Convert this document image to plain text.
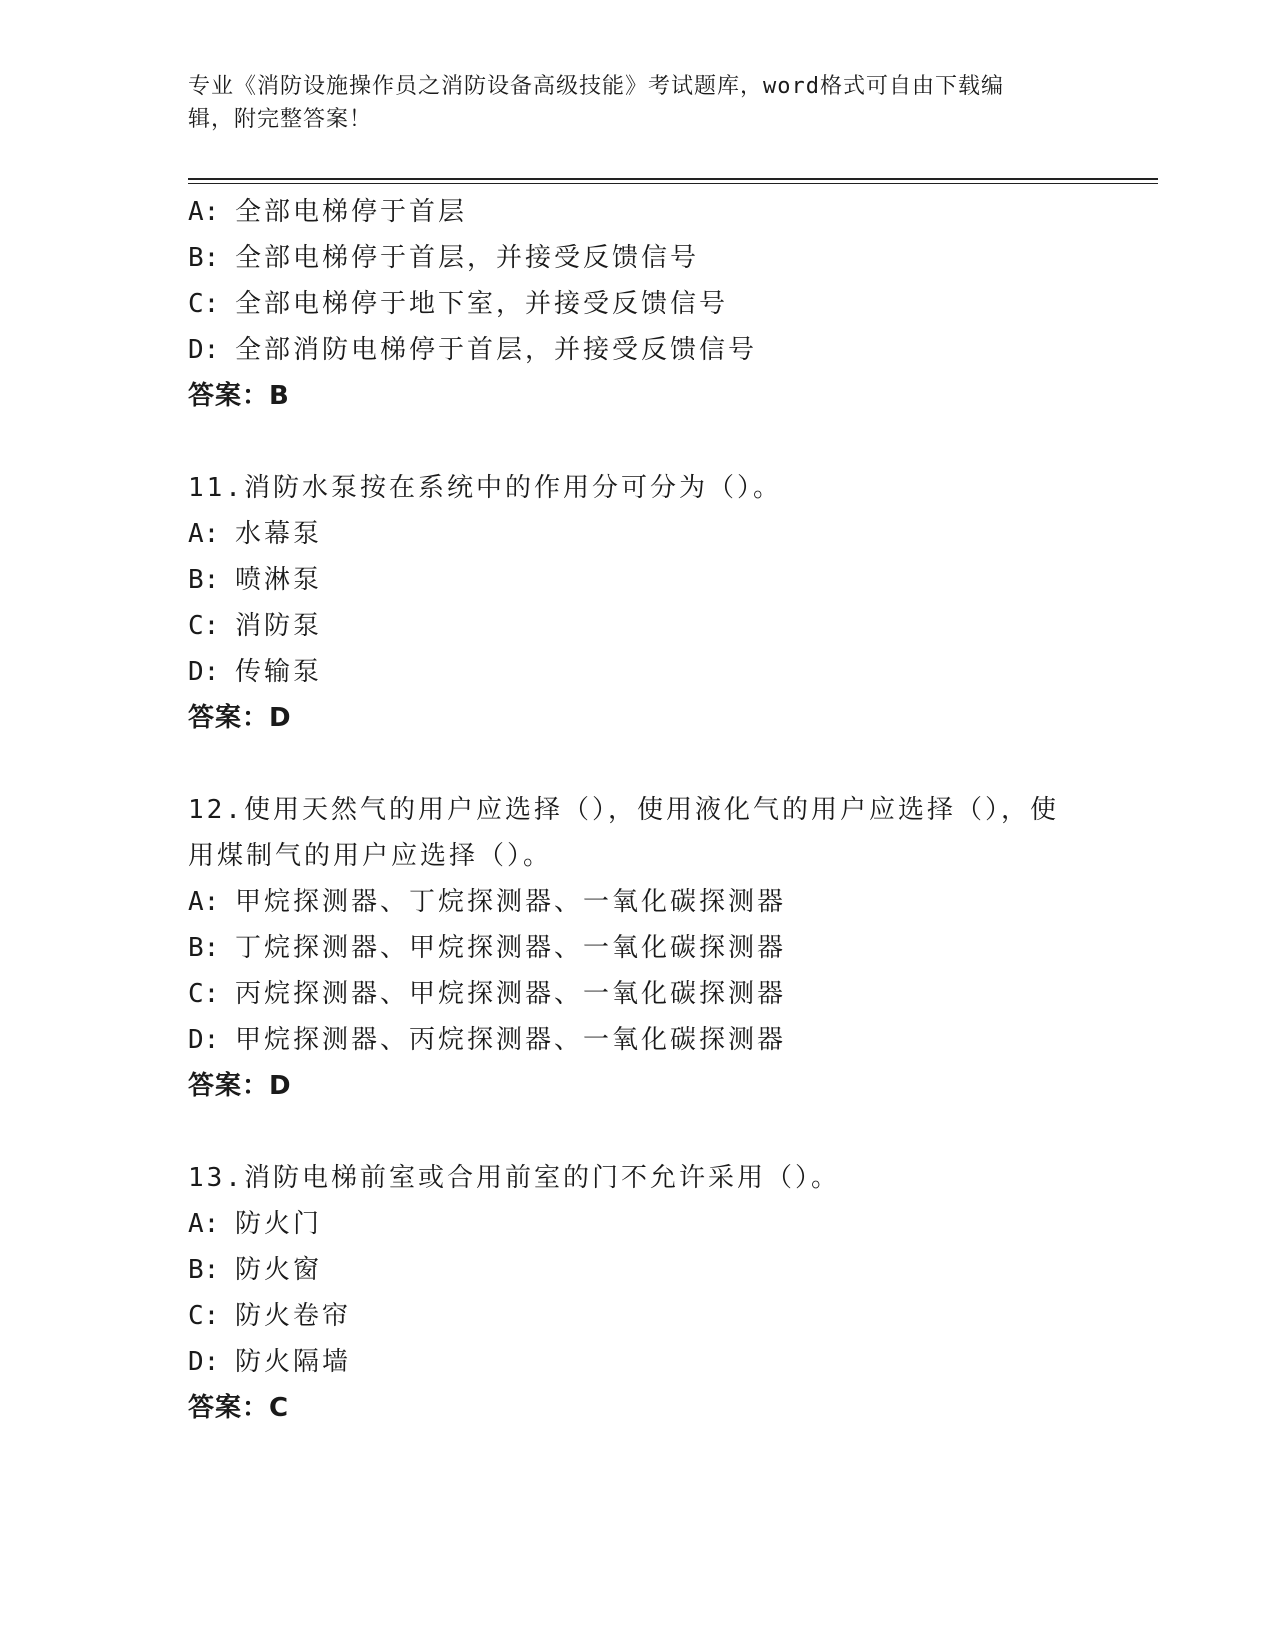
专业《消防设施操作员之消防设备高级技能》考试题库，word格式可自由下载编
辑，附完整答案！
A: 全部电梯停于首层
B: 全部电梯停于首层，并接受反馈信号
C: 全部电梯停于地下室，并接受反馈信号
D: 全部消防电梯停于首层，并接受反馈信号
答案：B
11.消防水泵按在系统中的作用分可分为（）。
A: 水幕泵
B: 喷淋泵
C: 消防泵
D: 传输泵
答案：D
12.使用天然气的用户应选择（），使用液化气的用户应选择（），使
用煤制气的用户应选择（）。
A: 甲烷探测器、丁烷探测器、一氧化碳探测器
B: 丁烷探测器、甲烷探测器、一氧化碳探测器
C: 丙烷探测器、甲烷探测器、一氧化碳探测器
D: 甲烷探测器、丙烷探测器、一氧化碳探测器
答案：D
13.消防电梯前室或合用前室的门不允许采用（）。
A: 防火门
B: 防火窗
C: 防火卷帘
D: 防火隔墙
答案：C
